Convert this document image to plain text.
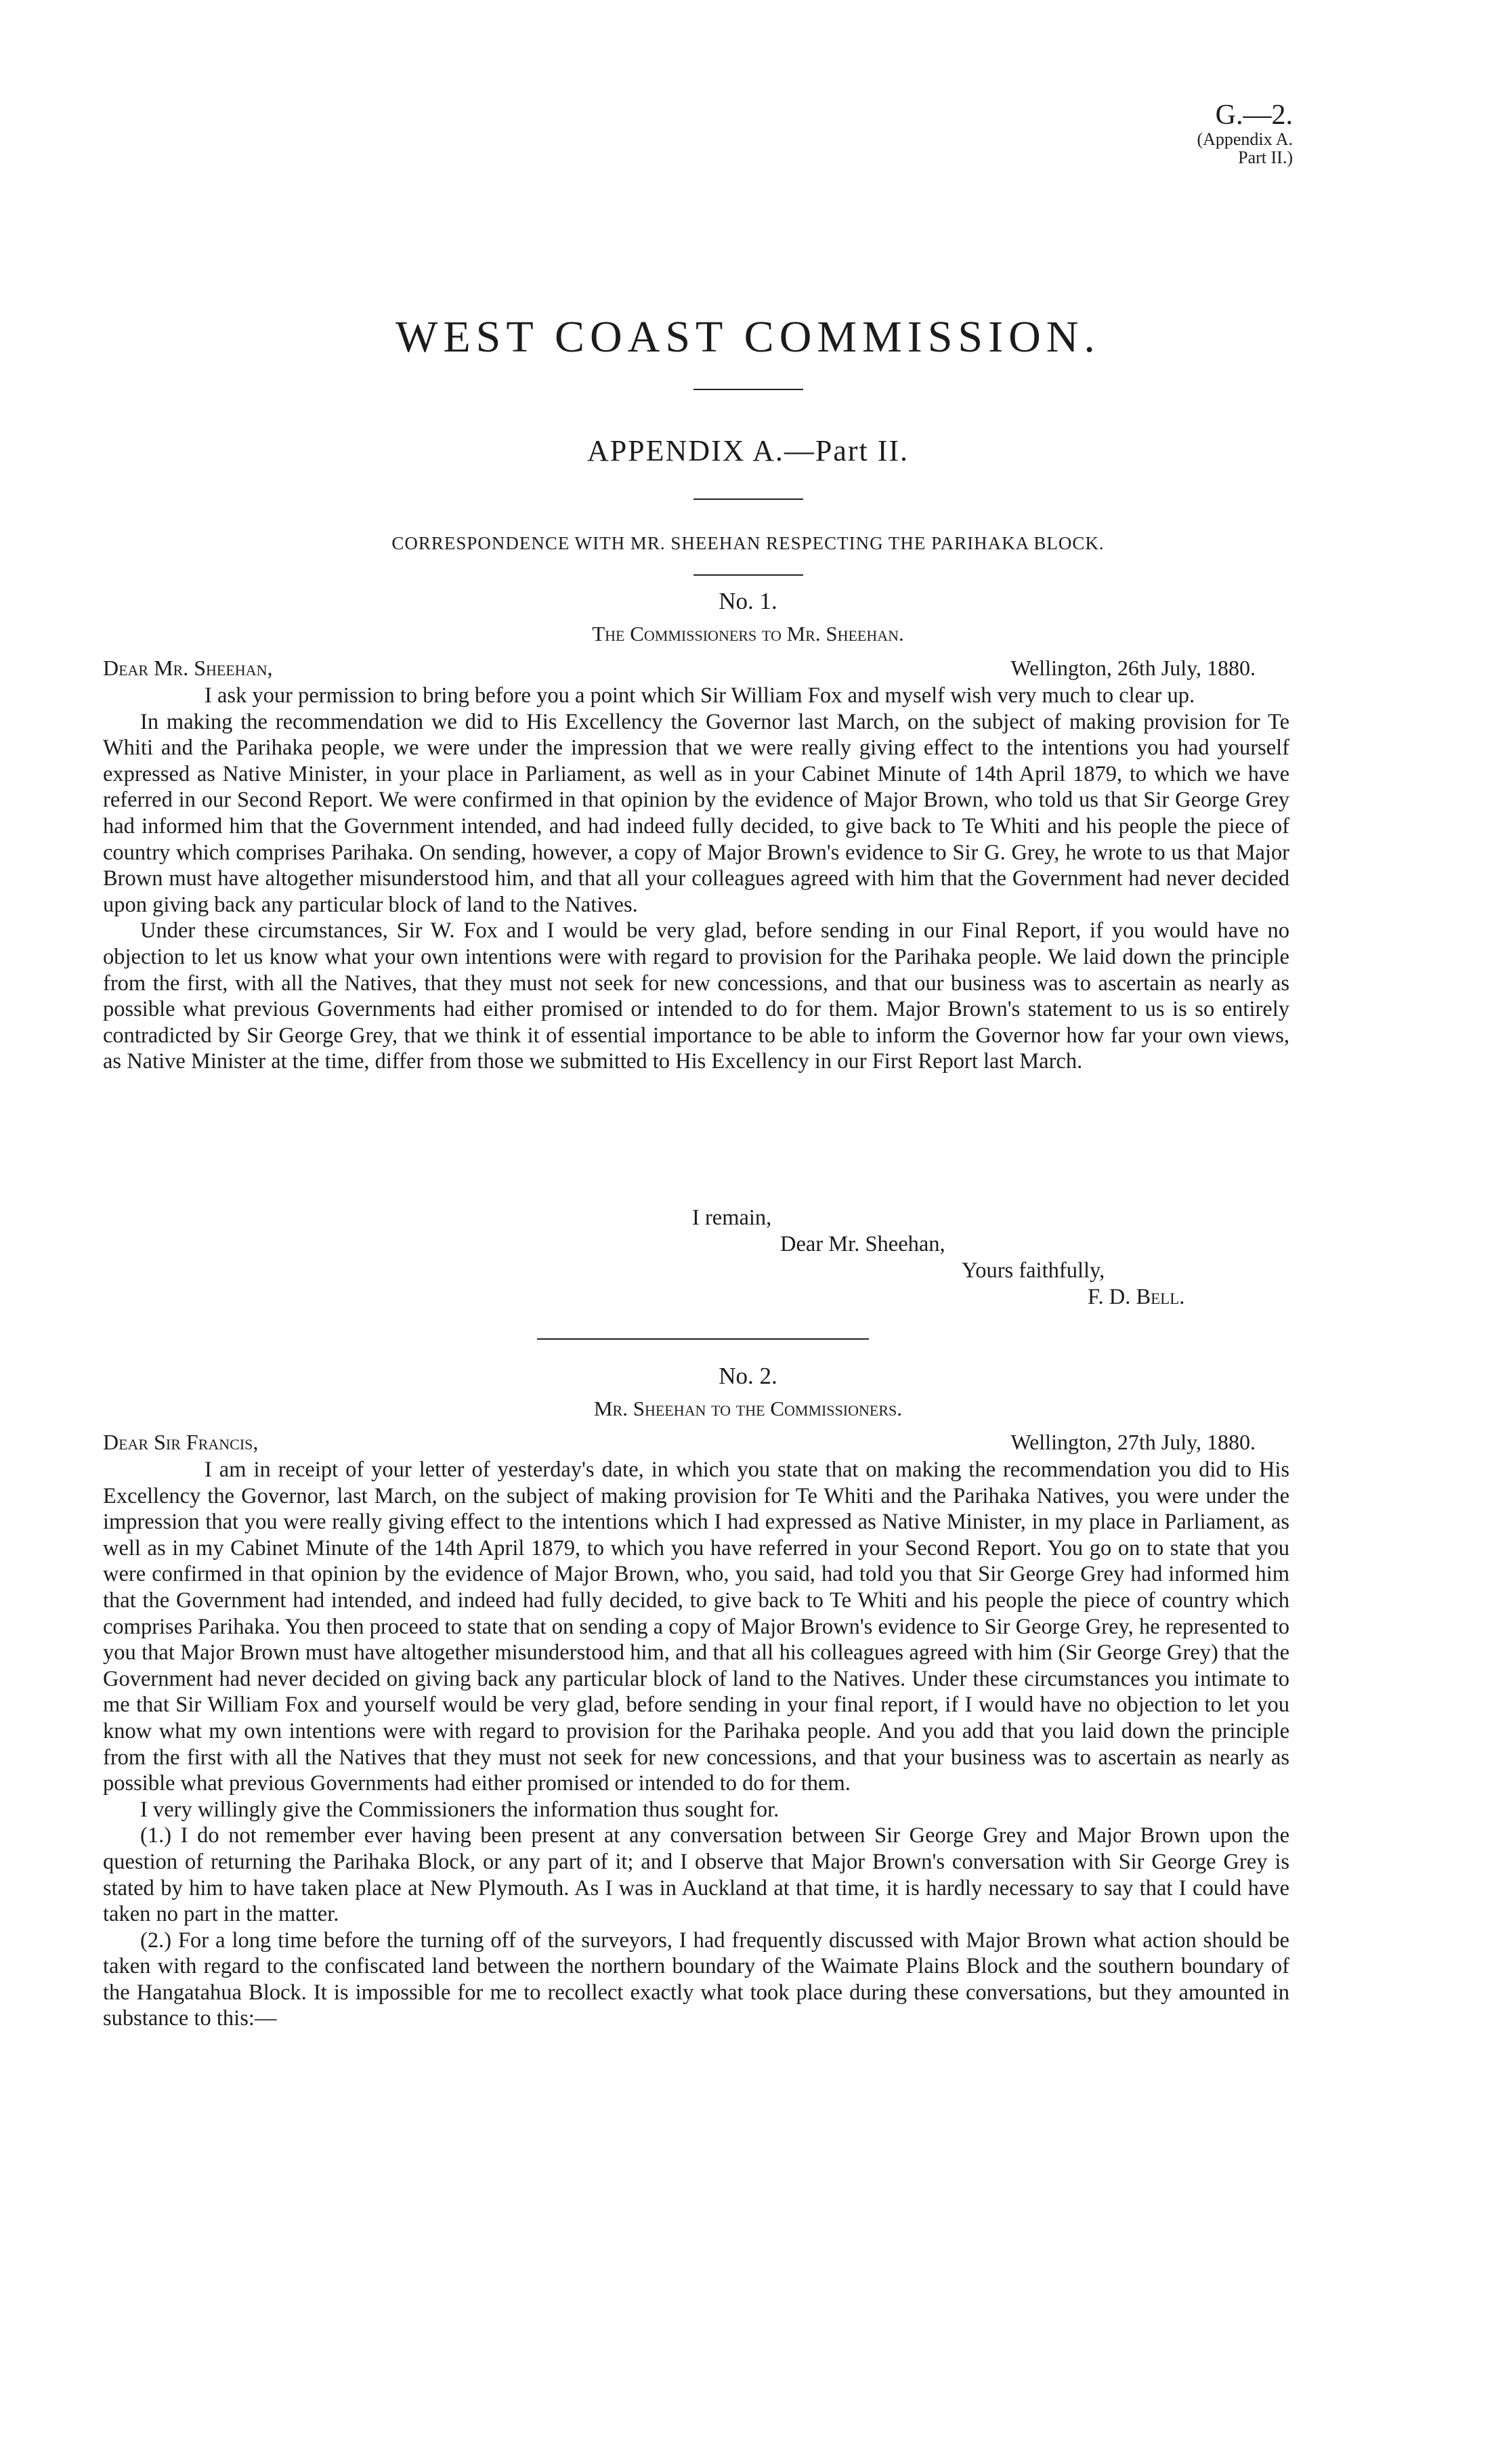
G.—2.
(Appendix A.
Part II.)
WEST COAST COMMISSION.
APPENDIX A.—Part II.
CORRESPONDENCE WITH MR. SHEEHAN RESPECTING THE PARIHAKA BLOCK.
No. 1.
The Commissioners to Mr. Sheehan.
Dear Mr. Sheehan,	Wellington, 26th July, 1880.

I ask your permission to bring before you a point which Sir William Fox and myself wish very much to clear up.

In making the recommendation we did to His Excellency the Governor last March, on the subject of making provision for Te Whiti and the Parihaka people, we were under the impression that we were really giving effect to the intentions you had yourself expressed as Native Minister, in your place in Parliament, as well as in your Cabinet Minute of 14th April 1879, to which we have referred in our Second Report. We were confirmed in that opinion by the evidence of Major Brown, who told us that Sir George Grey had informed him that the Government intended, and had indeed fully decided, to give back to Te Whiti and his people the piece of country which comprises Parihaka. On sending, however, a copy of Major Brown's evidence to Sir G. Grey, he wrote to us that Major Brown must have altogether misunderstood him, and that all your colleagues agreed with him that the Government had never decided upon giving back any particular block of land to the Natives.

Under these circumstances, Sir W. Fox and I would be very glad, before sending in our Final Report, if you would have no objection to let us know what your own intentions were with regard to provision for the Parihaka people. We laid down the principle from the first, with all the Natives, that they must not seek for new concessions, and that our business was to ascertain as nearly as possible what previous Governments had either promised or intended to do for them. Major Brown's statement to us is so entirely contradicted by Sir George Grey, that we think it of essential importance to be able to inform the Governor how far your own views, as Native Minister at the time, differ from those we submitted to His Excellency in our First Report last March.

I remain,
Dear Mr. Sheehan,
Yours faithfully,
F. D. Bell.
No. 2.
Mr. Sheehan to the Commissioners.
Dear Sir Francis,	Wellington, 27th July, 1880.

I am in receipt of your letter of yesterday's date, in which you state that on making the recommendation you did to His Excellency the Governor, last March, on the subject of making provision for Te Whiti and the Parihaka Natives, you were under the impression that you were really giving effect to the intentions which I had expressed as Native Minister, in my place in Parliament, as well as in my Cabinet Minute of the 14th April 1879, to which you have referred in your Second Report. You go on to state that you were confirmed in that opinion by the evidence of Major Brown, who, you said, had told you that Sir George Grey had informed him that the Government had intended, and indeed had fully decided, to give back to Te Whiti and his people the piece of country which comprises Parihaka. You then proceed to state that on sending a copy of Major Brown's evidence to Sir George Grey, he represented to you that Major Brown must have altogether misunderstood him, and that all his colleagues agreed with him (Sir George Grey) that the Government had never decided on giving back any particular block of land to the Natives. Under these circumstances you intimate to me that Sir William Fox and yourself would be very glad, before sending in your final report, if I would have no objection to let you know what my own intentions were with regard to provision for the Parihaka people. And you add that you laid down the principle from the first with all the Natives that they must not seek for new concessions, and that your business was to ascertain as nearly as possible what previous Governments had either promised or intended to do for them.

I very willingly give the Commissioners the information thus sought for.

(1.) I do not remember ever having been present at any conversation between Sir George Grey and Major Brown upon the question of returning the Parihaka Block, or any part of it; and I observe that Major Brown's conversation with Sir George Grey is stated by him to have taken place at New Plymouth. As I was in Auckland at that time, it is hardly necessary to say that I could have taken no part in the matter.

(2.) For a long time before the turning off of the surveyors, I had frequently discussed with Major Brown what action should be taken with regard to the confiscated land between the northern boundary of the Waimate Plains Block and the southern boundary of the Hangatahua Block. It is impossible for me to recollect exactly what took place during these conversations, but they amounted in substance to this:—
